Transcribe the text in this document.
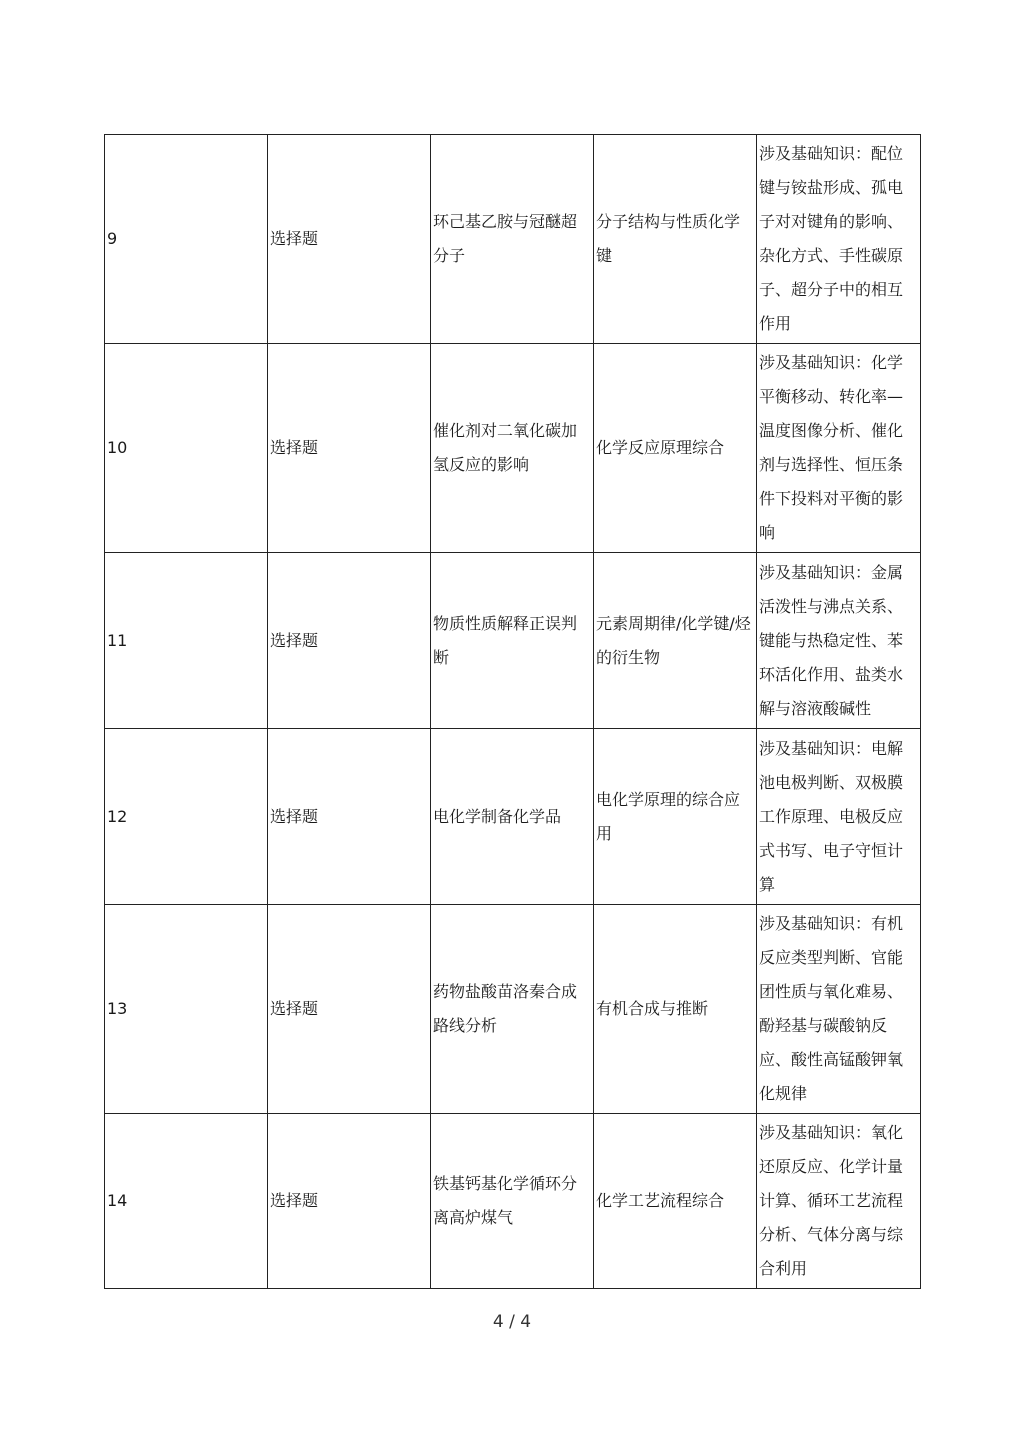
9	选择题	环己基乙胺与冠醚超分子	分子结构与性质化学键	涉及基础知识：配位键与铵盐形成、孤电子对对键角的影响、杂化方式、手性碳原子、超分子中的相互作用

10	选择题	催化剂对二氧化碳加氢反应的影响	化学反应原理综合	涉及基础知识：化学平衡移动、转化率—温度图像分析、催化剂与选择性、恒压条件下投料对平衡的影响

11	选择题	物质性质解释正误判断	元素周期律/化学键/烃的衍生物	涉及基础知识：金属活泼性与沸点关系、键能与热稳定性、苯环活化作用、盐类水解与溶液酸碱性

12	选择题	电化学制备化学品	电化学原理的综合应用	涉及基础知识：电解池电极判断、双极膜工作原理、电极反应式书写、电子守恒计算

13	选择题	药物盐酸苗洛秦合成路线分析	有机合成与推断	涉及基础知识：有机反应类型判断、官能团性质与氧化难易、酚羟基与碳酸钠反应、酸性高锰酸钾氧化规律

14	选择题	铁基钙基化学循环分离高炉煤气	化学工艺流程综合	涉及基础知识：氧化还原反应、化学计量计算、循环工艺流程分析、气体分离与综合利用
4 / 4
